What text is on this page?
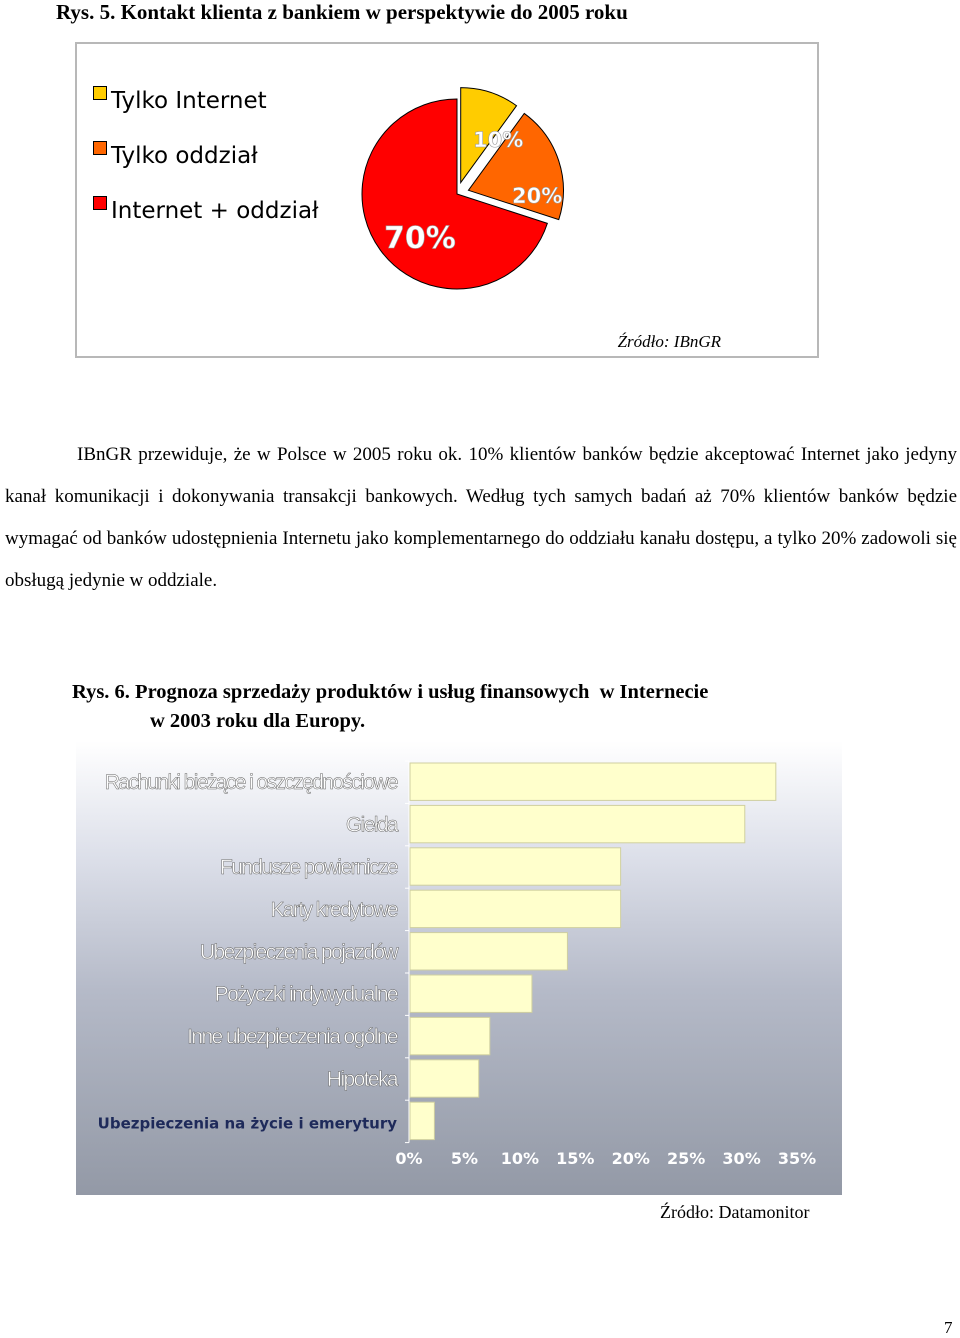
Rys. 5. Kontakt klienta z bankiem w perspektywie do 2005 roku
Tylko Internet
Tylko oddział
Internet + oddział
10%
20%
70%
Źródło: IBnGR

IBnGR przewiduje, że w Polsce w 2005 roku ok. 10% klientów banków będzie akceptować Internet jako jedyny kanał komunikacji i dokonywania transakcji bankowych. Według tych samych badań aż 70% klientów banków będzie wymagać od banków udostępnienia Internetu jako komplementarnego do oddziału kanału dostępu, a tylko 20% zadowoli się obsługą jedynie w oddziale.

Rys. 6. Prognoza sprzedaży produktów i usług finansowych  w Internecie
w 2003 roku dla Europy.
Rachunki bieżące i oszczędnościowe
Giełda
Fundusze powiernicze
Karty kredytowe
Ubezpieczenia pojazdów
Pożyczki indywydualne
Inne ubezpieczenia ogólne
Hipoteka
Ubezpieczenia na życie i emerytury
0% 5% 10% 15% 20% 25% 30% 35%
Źródło: Datamonitor
7
